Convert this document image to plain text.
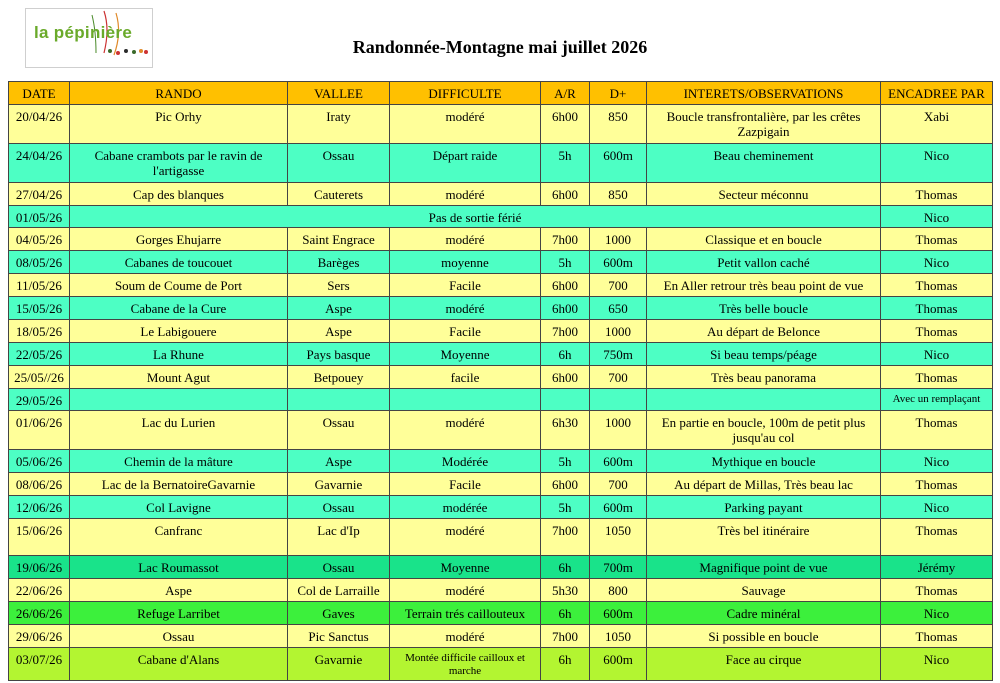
la pépinière
Randonnée-Montagne mai juillet 2026
DATE	RANDO	VALLEE	DIFFICULTE	A/R	D+	INTERETS/OBSERVATIONS	ENCADREE PAR
20/04/26	Pic Orhy	Iraty	modéré	6h00	850	Boucle transfrontalière, par les crêtes Zazpigain	Xabi
24/04/26	Cabane crambots par le ravin de l'artigasse	Ossau	Départ raide	5h	600m	Beau cheminement	Nico
27/04/26	Cap des blanques	Cauterets	modéré	6h00	850	Secteur méconnu	Thomas
01/05/26	Pas de sortie férié						Nico
04/05/26	Gorges Ehujarre	Saint Engrace	modéré	7h00	1000	Classique et en boucle	Thomas
08/05/26	Cabanes de toucouet	Barèges	moyenne	5h	600m	Petit vallon caché	Nico
11/05/26	Soum de Coume de Port	Sers	Facile	6h00	700	En Aller retrour très beau point de vue	Thomas
15/05/26	Cabane de la Cure	Aspe	modéré	6h00	650	Très belle boucle	Thomas
18/05/26	Le Labigouere	Aspe	Facile	7h00	1000	Au départ de Belonce	Thomas
22/05/26	La Rhune	Pays basque	Moyenne	6h	750m	Si beau temps/péage	Nico
25/05//26	Mount Agut	Betpouey	facile	6h00	700	Très beau panorama	Thomas
29/05/26							Avec un remplaçant
01/06/26	Lac du Lurien	Ossau	modéré	6h30	1000	En partie en boucle, 100m de petit plus jusqu'au col	Thomas
05/06/26	Chemin de la mâture	Aspe	Modérée	5h	600m	Mythique en boucle	Nico
08/06/26	Lac de la BernatoireGavarnie	Gavarnie	Facile	6h00	700	Au départ de Millas, Très beau lac	Thomas
12/06/26	Col Lavigne	Ossau	modérée	5h	600m	Parking payant	Nico
15/06/26	Canfranc	Lac d'Ip	modéré	7h00	1050	Très bel itinéraire	Thomas
19/06/26	Lac Roumassot	Ossau	Moyenne	6h	700m	Magnifique point de vue	Jérémy
22/06/26	Aspe	Col de Larraille	modéré	5h30	800	Sauvage	Thomas
26/06/26	Refuge Larribet	Gaves	Terrain trés caillouteux	6h	600m	Cadre minéral	Nico
29/06/26	Ossau	Pic Sanctus	modéré	7h00	1050	Si possible en boucle	Thomas
03/07/26	Cabane d'Alans	Gavarnie	Montée difficile cailloux et marche	6h	600m	Face au cirque	Nico
